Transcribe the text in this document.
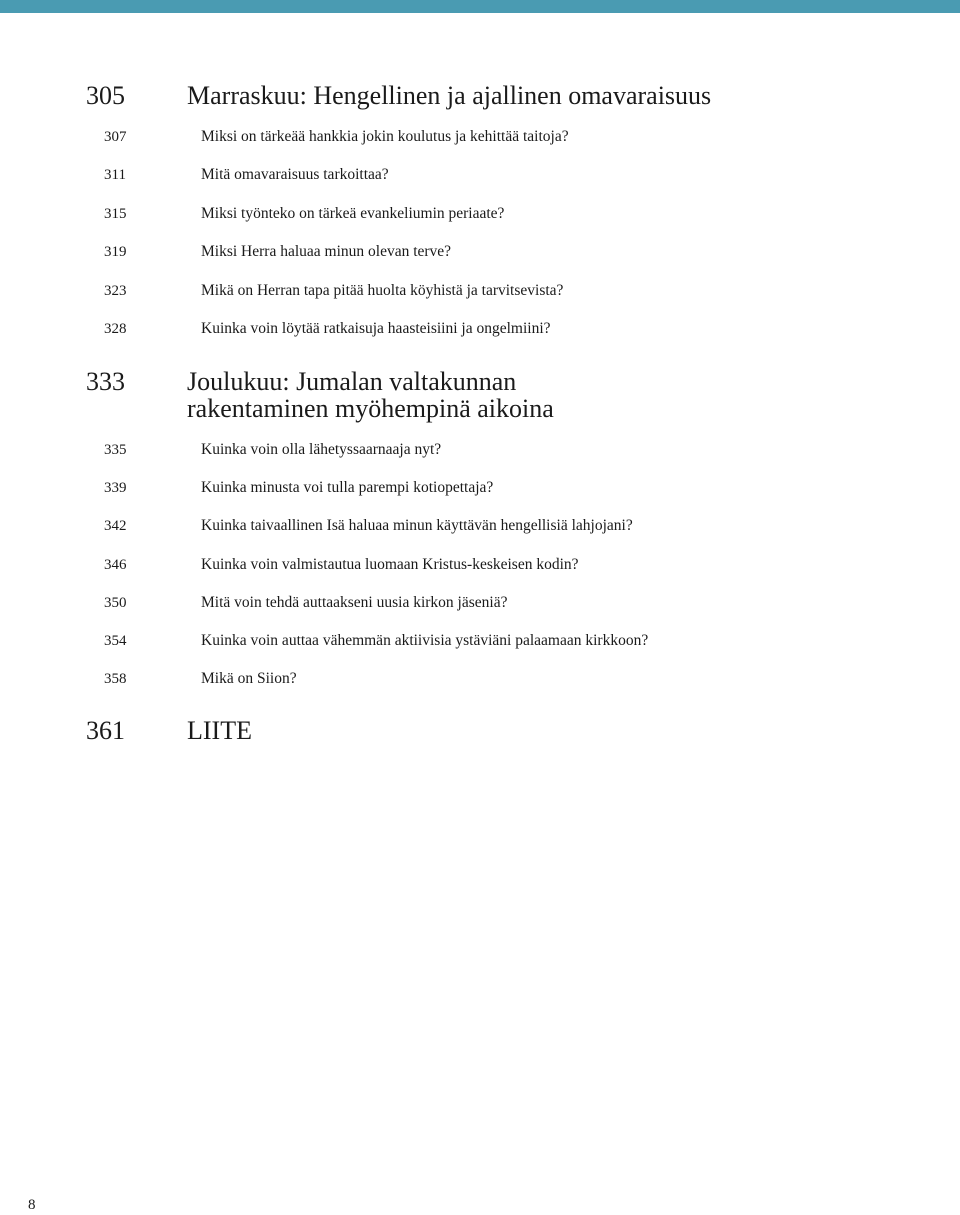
305 Marraskuu: Hengellinen ja ajallinen omavaraisuus
307	Miksi on tärkeää hankkia jokin koulutus ja kehittää taitoja?
311	Mitä omavaraisuus tarkoittaa?
315	Miksi työnteko on tärkeä evankeliumin periaate?
319	Miksi Herra haluaa minun olevan terve?
323	Mikä on Herran tapa pitää huolta köyhistä ja tarvitsevista?
328	Kuinka voin löytää ratkaisuja haasteisiini ja ongelmiini?
333 Joulukuu: Jumalan valtakunnan
rakentaminen myöhempinä aikoina
335	Kuinka voin olla lähetyssaarnaaja nyt?
339	Kuinka minusta voi tulla parempi kotiopettaja?
342	Kuinka taivaallinen Isä haluaa minun käyttävän hengellisiä lahjojani?
346	Kuinka voin valmistautua luomaan Kristus-keskeisen kodin?
350	Mitä voin tehdä auttaakseni uusia kirkon jäseniä?
354	Kuinka voin auttaa vähemmän aktiivisia ystäviäni palaamaan kirkkoon?
358	Mikä on Siion?
361 LIITE
8
